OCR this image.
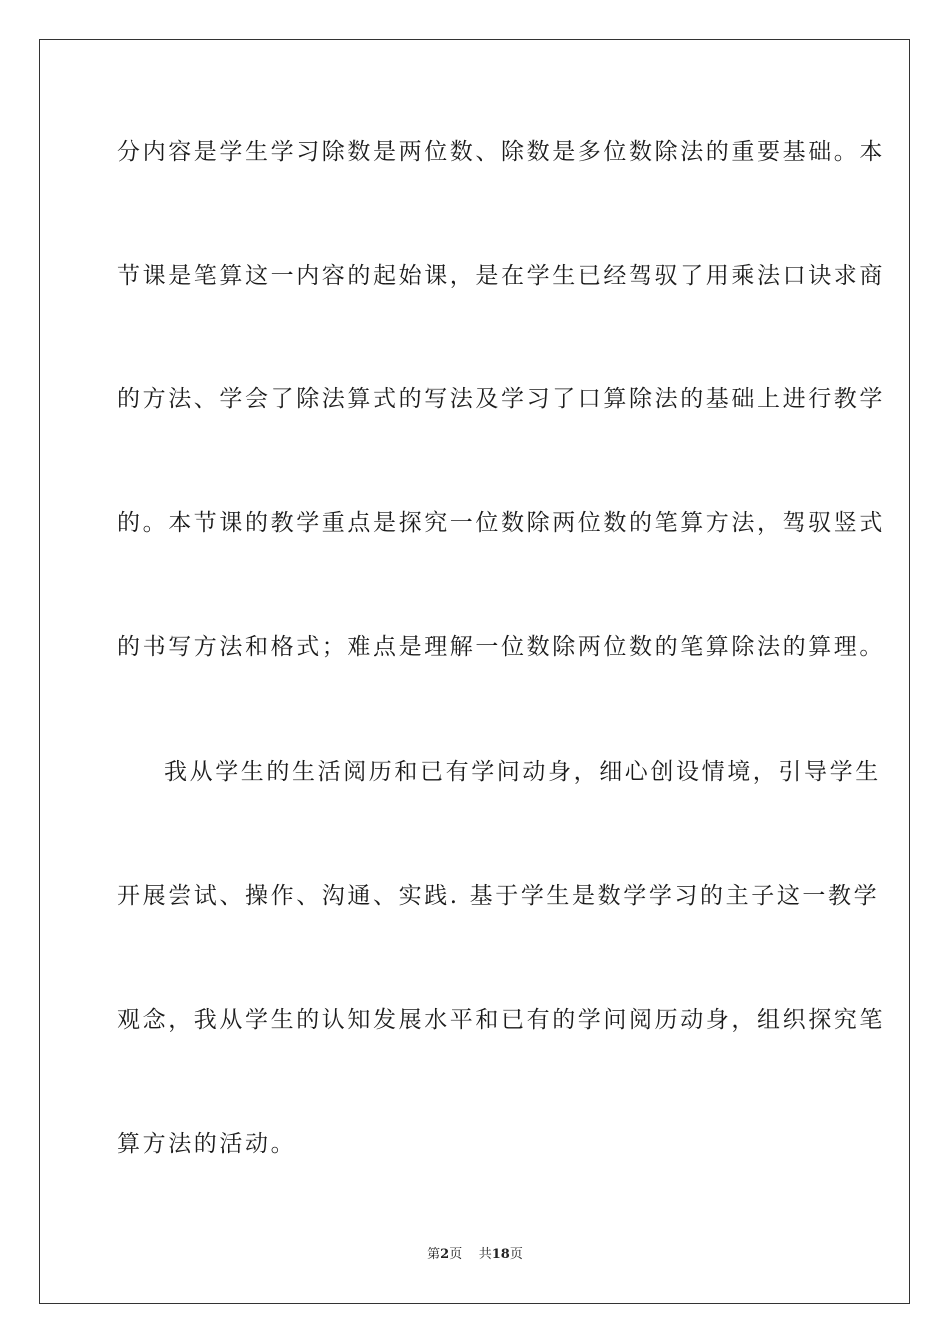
分内容是学生学习除数是两位数、除数是多位数除法的重要基础。本
节课是笔算这一内容的起始课，是在学生已经驾驭了用乘法口诀求商
的方法、学会了除法算式的写法及学习了口算除法的基础上进行教学
的。本节课的教学重点是探究一位数除两位数的笔算方法，驾驭竖式
的书写方法和格式；难点是理解一位数除两位数的笔算除法的算理。
我从学生的生活阅历和已有学问动身，细心创设情境，引导学生
开展尝试、操作、沟通、实践. 基于学生是数学学习的主子这一教学
观念，我从学生的认知发展水平和已有的学问阅历动身，组织探究笔
算方法的活动。
第2页 共18页
